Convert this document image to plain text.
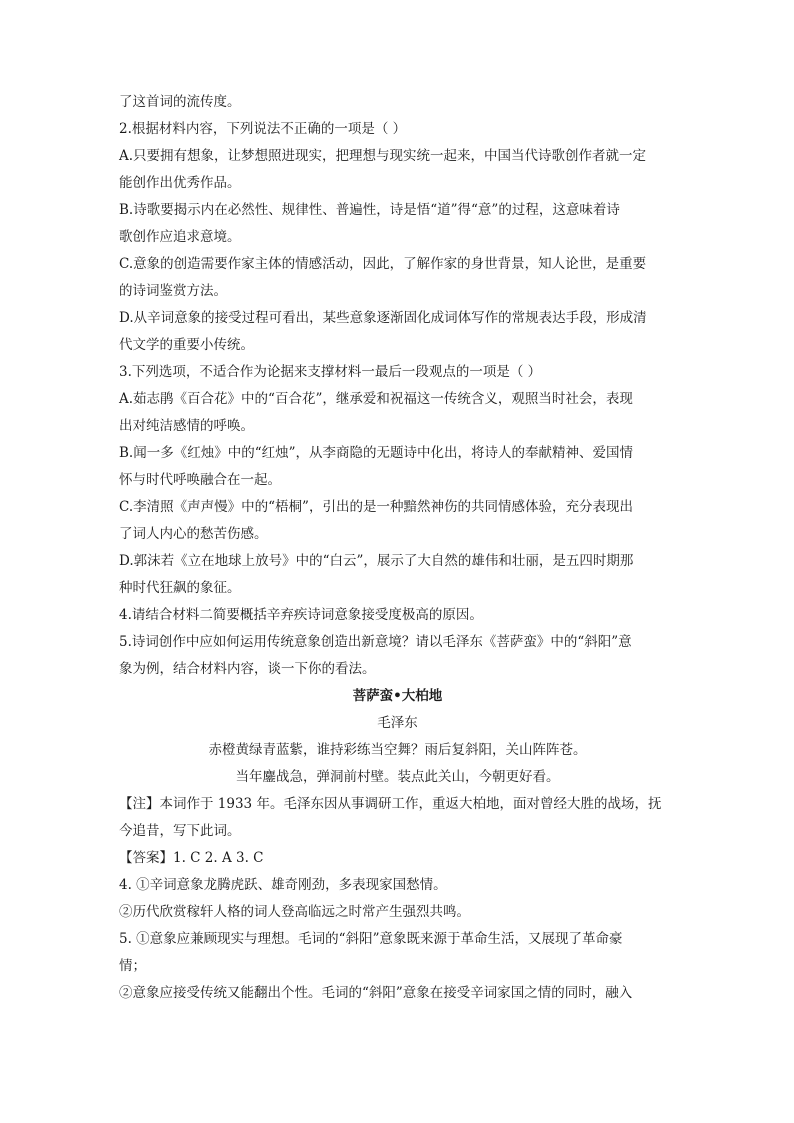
了这首词的流传度。
2.根据材料内容，下列说法不正确的一项是（ ）
A.只要拥有想象，让梦想照进现实，把理想与现实统一起来，中国当代诗歌创作者就一定
能创作出优秀作品。
B.诗歌要揭示内在必然性、规律性、普遍性，诗是悟“道”得“意”的过程，这意味着诗
歌创作应追求意境。
C.意象的创造需要作家主体的情感活动，因此，了解作家的身世背景，知人论世，是重要
的诗词鉴赏方法。
D.从辛词意象的接受过程可看出，某些意象逐渐固化成词体写作的常规表达手段，形成清
代文学的重要小传统。
3.下列选项，不适合作为论据来支撑材料一最后一段观点的一项是（ ）
A.茹志鹃《百合花》中的“百合花”，继承爱和祝福这一传统含义，观照当时社会，表现
出对纯洁感情的呼唤。
B.闻一多《红烛》中的“红烛”，从李商隐的无题诗中化出，将诗人的奉献精神、爱国情
怀与时代呼唤融合在一起。
C.李清照《声声慢》中的“梧桐”，引出的是一种黯然神伤的共同情感体验，充分表现出
了词人内心的愁苦伤感。
D.郭沫若《立在地球上放号》中的“白云”，展示了大自然的雄伟和壮丽，是五四时期那
种时代狂飙的象征。
4.请结合材料二简要概括辛弃疾诗词意象接受度极高的原因。
5.诗词创作中应如何运用传统意象创造出新意境？请以毛泽东《菩萨蛮》中的“斜阳”意
象为例，结合材料内容，谈一下你的看法。
菩萨蛮•大柏地
毛泽东
赤橙黄绿青蓝紫，谁持彩练当空舞？雨后复斜阳，关山阵阵苍。
当年鏖战急，弹洞前村壁。装点此关山，今朝更好看。
【注】本词作于 1933 年。毛泽东因从事调研工作，重返大柏地，面对曾经大胜的战场，抚
今追昔，写下此词。
【答案】1. C 2. A 3. C
4. ①辛词意象龙腾虎跃、雄奇刚劲，多表现家国愁情。
②历代欣赏稼轩人格的词人登高临远之时常产生强烈共鸣。
5. ①意象应兼顾现实与理想。毛词的“斜阳”意象既来源于革命生活，又展现了革命豪
情；
②意象应接受传统又能翻出个性。毛词的“斜阳”意象在接受辛词家国之情的同时，融入
